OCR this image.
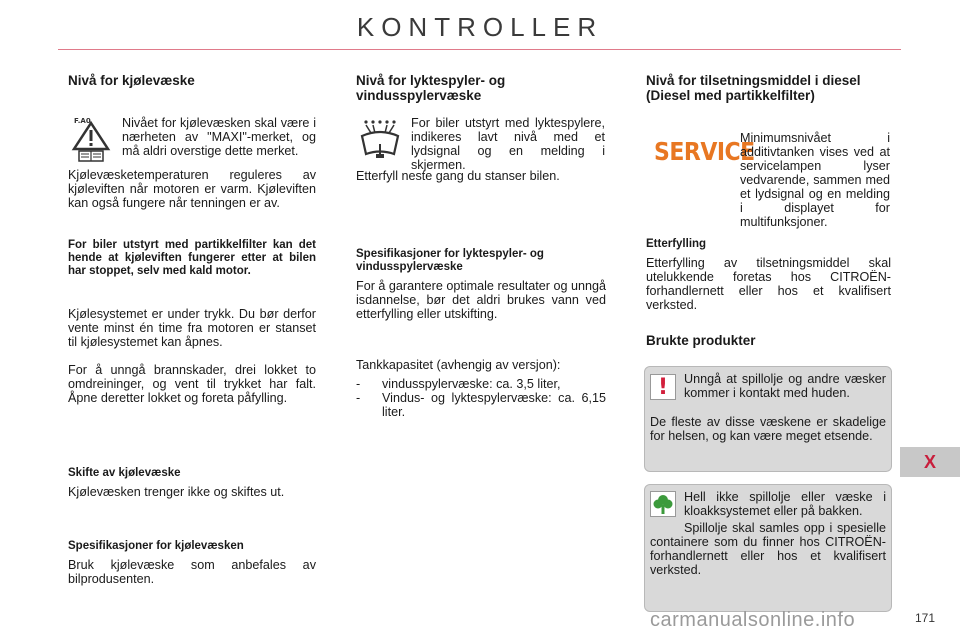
KONTROLLER
Nivå for kjølevæske
F.A0 Nivået for kjølevæsken skal være i nærheten av "MAXI"-merket, og må aldri overstige dette merket.

Kjølevæsketemperaturen reguleres av kjøleviften når motoren er varm. Kjøleviften kan også fungere når tenningen er av.

For biler utstyrt med partikkelfilter kan det hende at kjøleviften fungerer etter at bilen har stoppet, selv med kald motor.

Kjølesystemet er under trykk. Du bør derfor vente minst én time fra motoren er stanset til kjølesystemet kan åpnes.

For å unngå brannskader, drei lokket to omdreininger, og vent til trykket har falt. Åpne deretter lokket og foreta påfylling.

Skifte av kjølevæske

Kjølevæsken trenger ikke og skiftes ut.

Spesifikasjoner for kjølevæsken

Bruk kjølevæske som anbefales av bilprodusenten.

Nivå for lyktespyler- og vindusspylervæske

For biler utstyrt med lyktespylere, indikeres lavt nivå med et lydsignal og en melding i skjermen.

Etterfyll neste gang du stanser bilen.

Spesifikasjoner for lyktespyler- og vindusspylervæske

For å garantere optimale resultater og unngå isdannelse, bør det aldri brukes vann ved etterfylling eller utskifting.

Tankkapasitet (avhengig av versjon):

- vindusspylervæske: ca. 3,5 liter,
- Vindus- og lyktespylervæske: ca. 6,15 liter.
Nivå for tilsetningsmiddel i diesel (Diesel med partikkelfilter)
SERVICE

Minimumsnivået i additivtanken vises ved at servicelampen lyser vedvarende, sammen med et lydsignal og en melding i displayet for multifunksjoner.

Etterfylling

Etterfylling av tilsetningsmiddel skal utelukkende foretas hos CITROËN-forhandlernett eller hos et kvalifisert verksted.

Brukte produkter
! Unngå at spillolje og andre væsker kommer i kontakt med huden.

De fleste av disse væskene er skadelige for helsen, og kan være meget etsende.

Hell ikke spillolje eller væske i kloakksystemet eller på bakken.

Spillolje skal samles opp i spesielle containere som du finner hos CITROËN-forhandlernett eller hos et kvalifisert verksted.

X
carmanualsonline.info	171
